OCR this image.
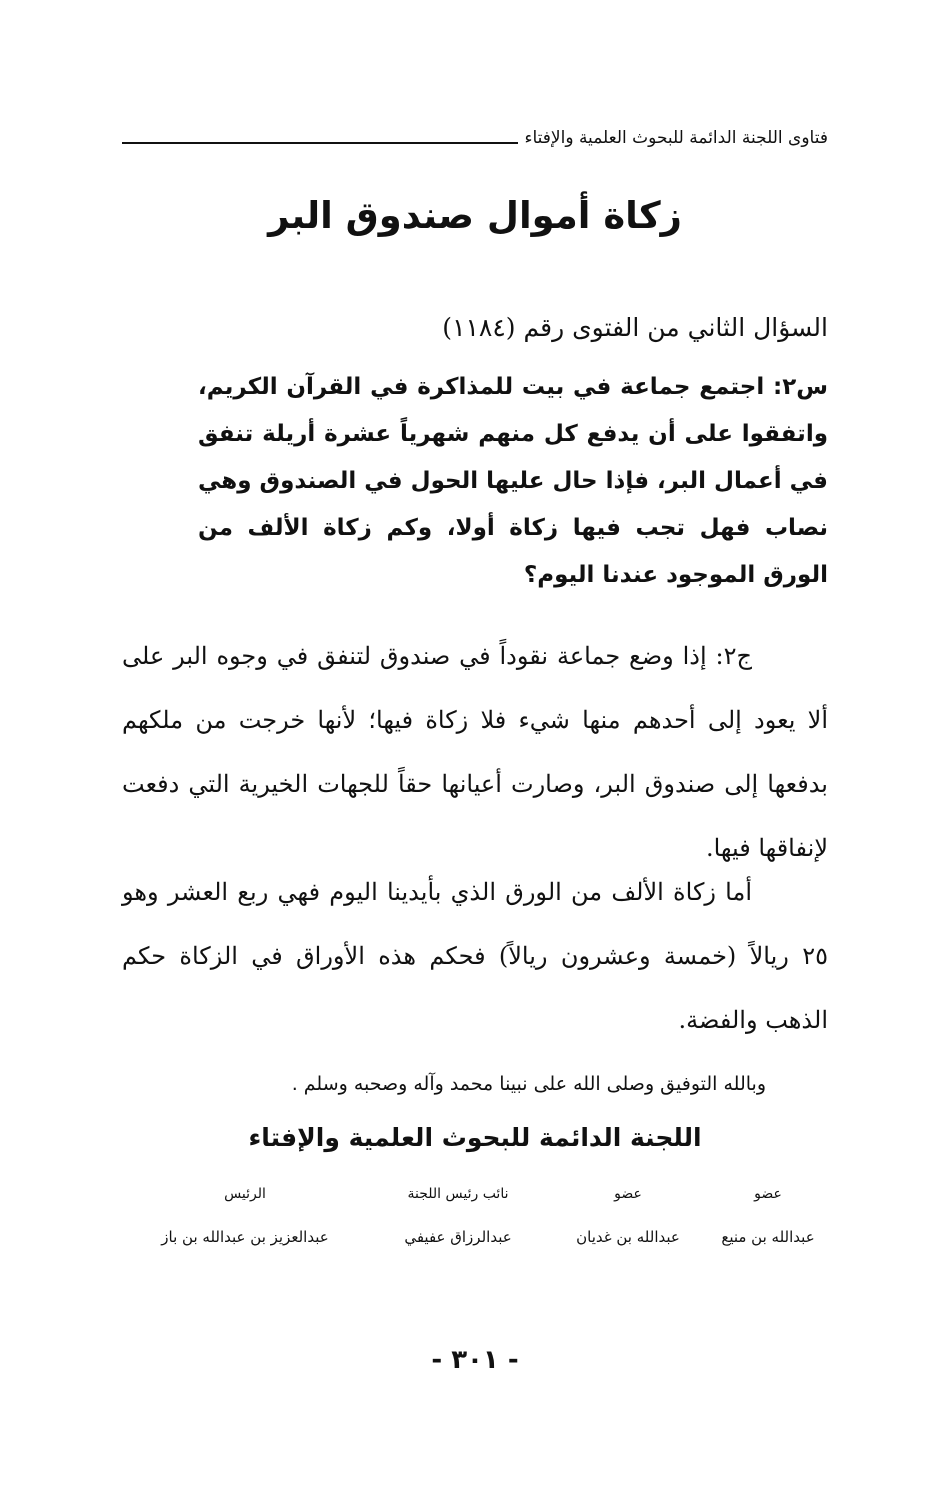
فتاوى اللجنة الدائمة للبحوث العلمية والإفتاء
زكاة أموال صندوق البر
السؤال الثاني من الفتوى رقم (١١٨٤)
س٢: اجتمع جماعة في بيت للمذاكرة في القرآن الكريم، واتفقوا على أن يدفع كل منهم شهرياً عشرة أريلة تنفق في أعمال البر، فإذا حال عليها الحول في الصندوق وهي نصاب فهل تجب فيها زكاة أولا، وكم زكاة الألف من الورق الموجود عندنا اليوم؟
ج٢: إذا وضع جماعة نقوداً في صندوق لتنفق في وجوه البر على ألا يعود إلى أحدهم منها شيء فلا زكاة فيها؛ لأنها خرجت من ملكهم بدفعها إلى صندوق البر، وصارت أعيانها حقاً للجهات الخيرية التي دفعت لإنفاقها فيها.
أما زكاة الألف من الورق الذي بأيدينا اليوم فهي ربع العشر وهو ٢٥ ريالاً (خمسة وعشرون ريالاً) فحكم هذه الأوراق في الزكاة حكم الذهب والفضة.
وبالله التوفيق وصلى الله على نبينا محمد وآله وصحبه وسلم .
اللجنة الدائمة للبحوث العلمية والإفتاء
عضو
عضو
نائب رئيس اللجنة
الرئيس
عبدالله بن منيع
عبدالله بن غديان
عبدالرزاق عفيفي
عبدالعزيز بن عبدالله بن باز
- ٣٠١ -
